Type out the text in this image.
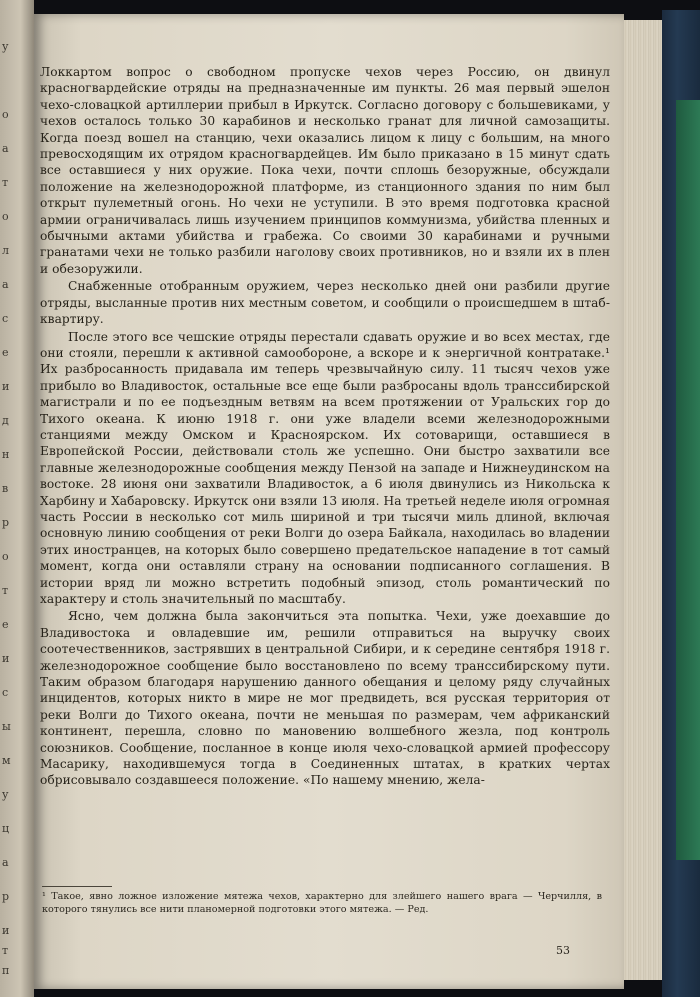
у
о
а
т
о
л
а
с
е
и
д
н
в
р
о
т
е
и
с
ы
м
у
ц
а
р
и
т
п

Локкартом вопрос о свободном пропуске чехов через Россию, он двинул красногвардейские отряды на предназначенные им пункты. 26 мая первый эшелон чехо-словацкой артиллерии прибыл в Иркутск. Согласно договору с большевиками, у чехов осталось только 30 карабинов и несколько гранат для личной самозащиты. Когда поезд вошел на станцию, чехи оказались лицом к лицу с большим, на много превосходящим их отрядом красногвардейцев. Им было приказано в 15 минут сдать все оставшиеся у них оружие. Пока чехи, почти сплошь безоружные, обсуждали положение на железнодорожной платформе, из станционного здания по ним был открыт пулеметный огонь. Но чехи не уступили. В это время подготовка красной армии ограничивалась лишь изучением принципов коммунизма, убийства пленных и обычными актами убийства и грабежа. Со своими 30 карабинами и ручными гранатами чехи не только разбили наголову своих противников, но и взяли их в плен и обезоружили.

Снабженные отобранным оружием, через несколько дней они разбили другие отряды, высланные против них местным советом, и сообщили о происшедшем в штаб-квартиру.

После этого все чешские отряды перестали сдавать оружие и во всех местах, где они стояли, перешли к активной самообороне, а вскоре и к энергичной контратаке.¹ Их разбросанность придавала им теперь чрезвычайную силу. 11 тысяч чехов уже прибыло во Владивосток, остальные все еще были разбросаны вдоль транссибирской магистрали и по ее подъездным ветвям на всем протяжении от Уральских гор до Тихого океана. К июню 1918 г. они уже владели всеми железнодорожными станциями между Омском и Красноярском. Их сотоварищи, оставшиеся в Европейской России, действовали столь же успешно. Они быстро захватили все главные железнодорожные сообщения между Пензой на западе и Нижнеудинском на востоке. 28 июня они захватили Владивосток, а 6 июля двинулись из Никольска к Харбину и Хабаровску. Иркутск они взяли 13 июля. На третьей неделе июля огромная часть России в несколько сот миль шириной и три тысячи миль длиной, включая основную линию сообщения от реки Волги до озера Байкала, находилась во владении этих иностранцев, на которых было совершено предательское нападение в тот самый момент, когда они оставляли страну на основании подписанного соглашения. В истории вряд ли можно встретить подобный эпизод, столь романтический по характеру и столь значительный по масштабу.

Ясно, чем должна была закончиться эта попытка. Чехи, уже доехавшие до Владивостока и овладевшие им, решили отправиться на выручку своих соотечественников, застрявших в центральной Сибири, и к середине сентября 1918 г. железнодорожное сообщение было восстановлено по всему транссибирскому пути. Таким образом благодаря нарушению данного обещания и целому ряду случайных инцидентов, которых никто в мире не мог предвидеть, вся русская территория от реки Волги до Тихого океана, почти не меньшая по размерам, чем африканский континент, перешла, словно по мановению волшебного жезла, под контроль союзников. Сообщение, посланное в конце июля чехо-словацкой армией профессору Масарику, находившемуся тогда в Соединенных штатах, в кратких чертах обрисовывало создавшееся положение. «По нашему мнению, жела-

¹ Такое, явно ложное изложение мятежа чехов, характерно для злейшего нашего врага — Черчилля, в которого тянулись все нити планомерной подготовки этого мятежа. — Ред.
53
